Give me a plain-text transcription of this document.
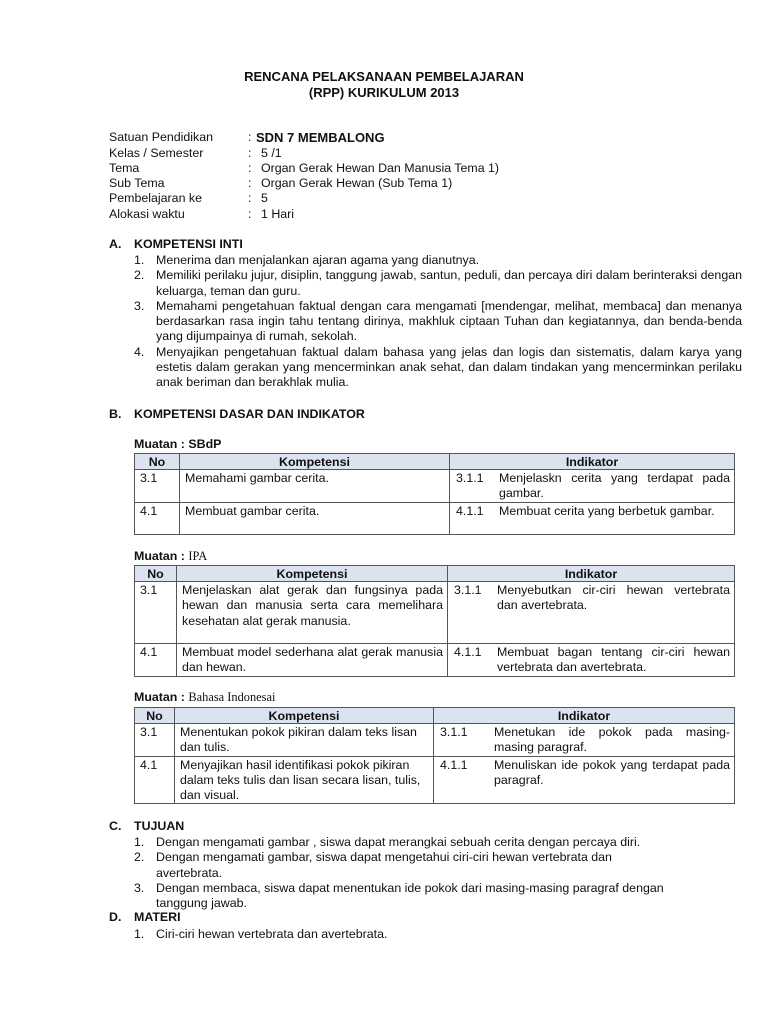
RENCANA PELAKSANAAN PEMBELAJARAN
(RPP) KURIKULUM 2013
Satuan Pendidikan	: SDN 7 MEMBALONG
Kelas / Semester	: 5 /1
Tema	: Organ Gerak Hewan Dan Manusia Tema 1)
Sub Tema	: Organ Gerak Hewan (Sub Tema 1)
Pembelajaran ke	: 5
Alokasi waktu	: 1 Hari
A. KOMPETENSI INTI
1. Menerima dan menjalankan ajaran agama yang dianutnya.
2. Memiliki perilaku jujur, disiplin, tanggung jawab, santun, peduli, dan percaya diri dalam berinteraksi dengan keluarga, teman dan guru.
3. Memahami pengetahuan faktual dengan cara mengamati [mendengar, melihat, membaca] dan menanya berdasarkan rasa ingin tahu tentang dirinya, makhluk ciptaan Tuhan dan kegiatannya, dan benda-benda yang dijumpainya di rumah, sekolah.
4. Menyajikan pengetahuan faktual dalam bahasa yang jelas dan logis dan sistematis, dalam karya yang estetis dalam gerakan yang mencerminkan anak sehat, dan dalam tindakan yang mencerminkan perilaku anak beriman dan berakhlak mulia.
B. KOMPETENSI DASAR DAN INDIKATOR
Muatan : SBdP
No	Kompetensi	Indikator
3.1	Memahami gambar cerita.	3.1.1 Menjelaskn cerita yang terdapat pada gambar.
4.1	Membuat gambar cerita.	4.1.1 Membuat cerita yang berbetuk gambar.
Muatan : IPA
No	Kompetensi	Indikator
3.1	Menjelaskan alat gerak dan fungsinya pada hewan dan manusia serta cara memelihara kesehatan alat gerak manusia.	3.1.1 Menyebutkan cir-ciri hewan vertebrata dan avertebrata.
4.1	Membuat model sederhana alat gerak manusia dan hewan.	4.1.1 Membuat bagan tentang cir-ciri hewan vertebrata dan avertebrata.
Muatan : Bahasa Indonesai
No	Kompetensi	Indikator
3.1	Menentukan pokok pikiran dalam teks lisan dan tulis.	3.1.1 Menetukan ide pokok pada masing-masing paragraf.
4.1	Menyajikan hasil identifikasi pokok pikiran dalam teks tulis dan lisan secara lisan, tulis, dan visual.	4.1.1 Menuliskan ide pokok yang terdapat pada paragraf.
C. TUJUAN
1. Dengan mengamati gambar , siswa dapat merangkai sebuah cerita dengan percaya diri.
2. Dengan mengamati gambar, siswa dapat mengetahui ciri-ciri hewan vertebrata dan avertebrata.
3. Dengan membaca, siswa dapat menentukan ide pokok dari masing-masing paragraf dengan tanggung jawab.
D. MATERI
1. Ciri-ciri hewan vertebrata dan avertebrata.
